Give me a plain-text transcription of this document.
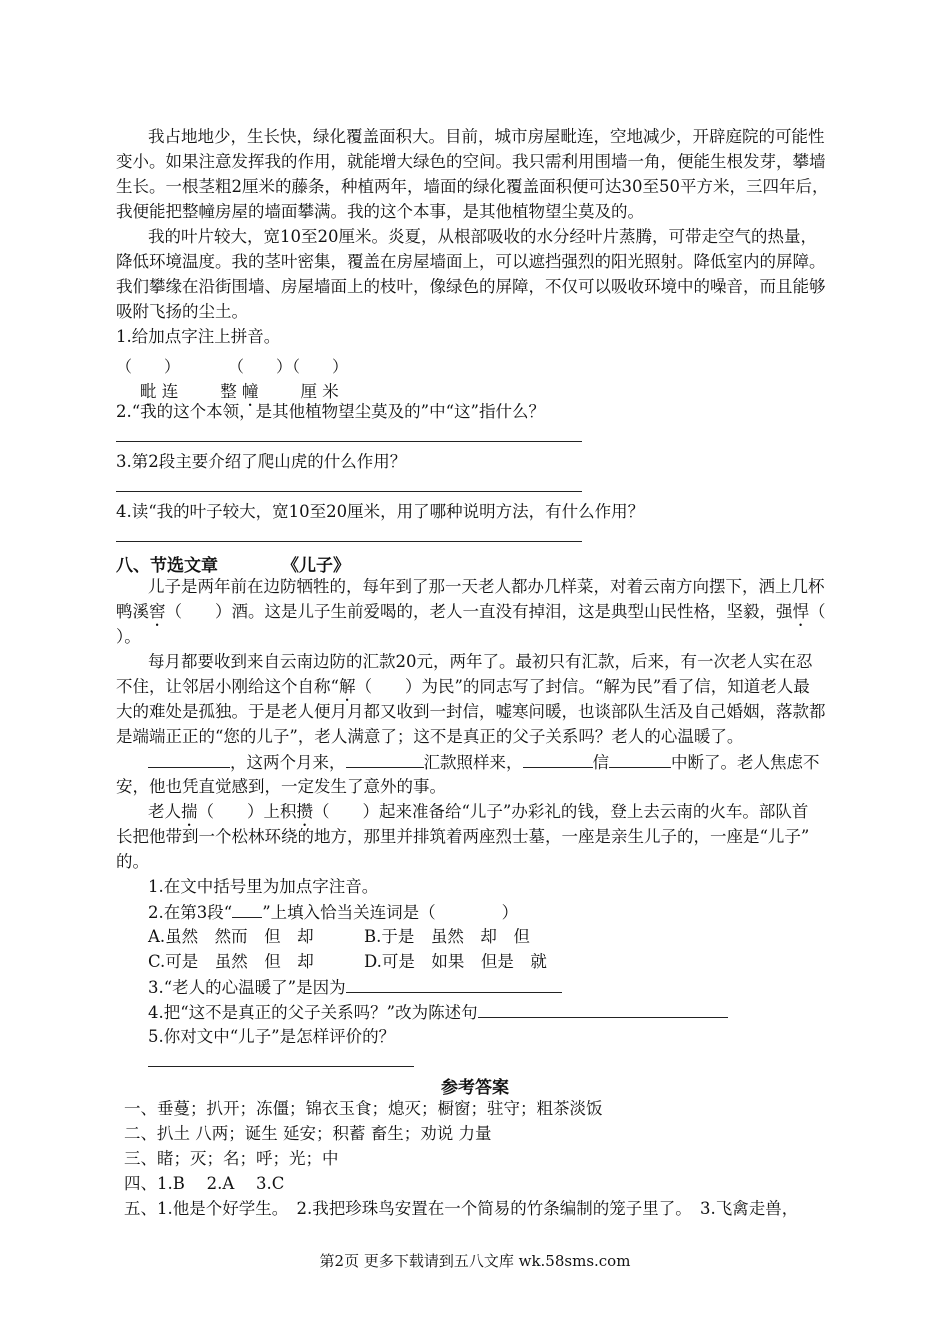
我占地地少，生长快，绿化覆盖面积大。目前，城市房屋毗连，空地减少，开辟庭院的可能性
变小。如果注意发挥我的作用，就能增大绿色的空间。我只需利用围墙一角，便能生根发芽，攀墙
生长。一根茎粗2厘米的藤条，种植两年，墙面的绿化覆盖面积便可达30至50平方米，三四年后，
我便能把整幢房屋的墙面攀满。我的这个本事，是其他植物望尘莫及的。
我的叶片较大，宽10至20厘米。炎夏，从根部吸收的水分经叶片蒸腾，可带走空气的热量，
降低环境温度。我的茎叶密集，覆盖在房屋墙面上，可以遮挡强烈的阳光照射。降低室内的屏障。
我们攀缘在沿街围墙、房屋墙面上的枝叶，像绿色的屏障，不仅可以吸收环境中的噪音，而且能够
吸附飞扬的尘土。
1.给加点字注上拼音。
（　　）　　　　（　　）（　　）
毗 连	整 幢	厘 米
2.“我的这个本领，是其他植物望尘莫及的”中“这”指什么？
3.第2段主要介绍了爬山虎的什么作用？
4.读“我的叶子较大，宽10至20厘米，用了哪种说明方法，有什么作用？
八、节选文章	《儿子》
儿子是两年前在边防牺牲的，每年到了那一天老人都办几样菜，对着云南方向摆下，洒上几杯
鸭溪窖（　　）酒。这是儿子生前爱喝的，老人一直没有掉泪，这是典型山民性格，坚毅，强悍（
）。
每月都要收到来自云南边防的汇款20元，两年了。最初只有汇款，后来，有一次老人实在忍
不住，让邻居小刚给这个自称“解（　　）为民”的同志写了封信。“解为民”看了信，知道老人最
大的难处是孤独。于是老人便月月都又收到一封信，嘘寒问暖，也谈部队生活及自己婚姻，落款都
是端端正正的“您的儿子”，老人满意了；这不是真正的父子关系吗？老人的心温暖了。
，这两个月来，	汇款照样来，	信	中断了。老人焦虑不
安，他也凭直觉感到，一定发生了意外的事。
老人揣（　　）上积攒（　　）起来准备给“儿子”办彩礼的钱，登上去云南的火车。部队首
长把他带到一个松林环绕的地方，那里并排筑着两座烈士墓，一座是亲生儿子的，一座是“儿子”
的。
1.在文中括号里为加点字注音。
2.在第3段“ ”上填入恰当关连词是（　　　　）
A.虽然　然而　但　却	B.于是　虽然　却　但
C.可是　虽然　但　却	D.可是　如果　但是　就
3.“老人的心温暖了”是因为
4.把“这不是真正的父子关系吗？”改为陈述句
5.你对文中“儿子”是怎样评价的？
参考答案
一、垂蔓；扒开；冻僵；锦衣玉食；熄灭；橱窗；驻守；粗茶淡饭
二、扒土 八两；诞生 延安；积蓄 畜生；劝说 力量
三、睹；灭；名；呼；光；中
四、1.B　 2.A　 3.C
五、1.他是个好学生。　2.我把珍珠鸟安置在一个简易的竹条编制的笼子里了。　3.飞禽走兽，
第2页 更多下载请到五八文库 wk.58sms.com
